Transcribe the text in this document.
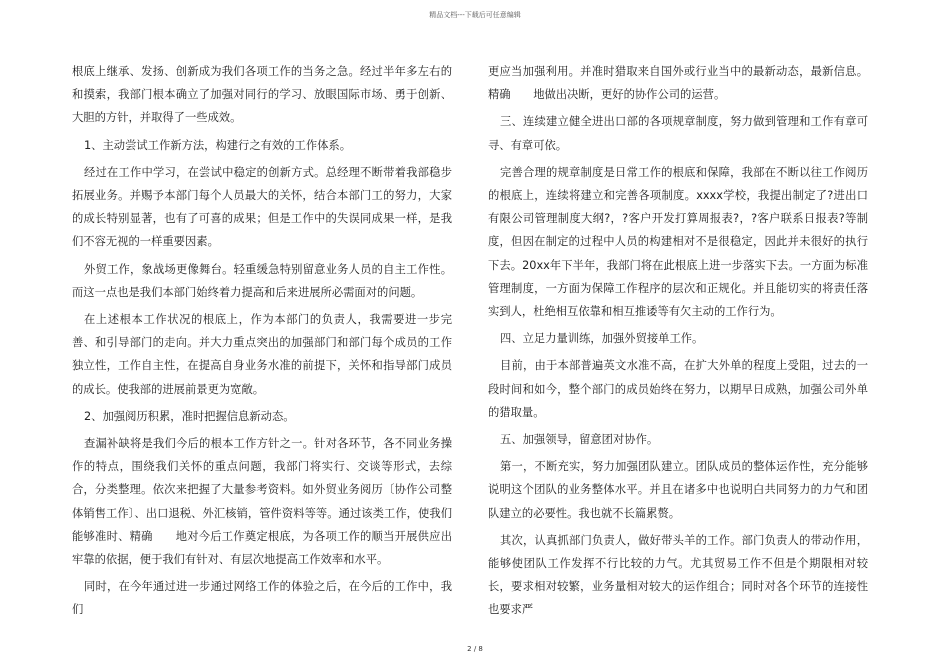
精品文档---下载后可任意编辑

根底上继承、发扬、创新成为我们各项工作的当务之急。经过半年多左右的和摸索，我部门根本确立了加强对同行的学习、放眼国际市场、勇于创新、大胆的方针，并取得了一些成效。

1、主动尝试工作新方法，构建行之有效的工作体系。

经过在工作中学习，在尝试中稳定的创新方式。总经理不断带着我部稳步拓展业务。并赐予本部门每个人员最大的关怀，结合本部门工的努力，大家的成长特别显著，也有了可喜的成果；但是工作中的失误同成果一样，是我们不容无视的一样重要因素。

外贸工作，象战场更像舞台。轻重缓急特别留意业务人员的自主工作性。而这一点也是我们本部门始终着力提高和后来进展所必需面对的问题。

在上述根本工作状况的根底上，作为本部门的负责人，我需要进一步完善、和引导部门的走向。并大力重点突出的加强部门和部门每个成员的工作独立性，工作自主性，在提高自身业务水准的前提下，关怀和指导部门成员的成长。使我部的进展前景更为宽敞。

2、加强阅历积累，准时把握信息新动态。

查漏补缺将是我们今后的根本工作方针之一。针对各环节，各不同业务操作的特点，围绕我们关怀的重点问题，我部门将实行、交谈等形式，去综合，分类整理。依次来把握了大量参考资料。如外贸业务阅历〔协作公司整体销售工作〕、出口退税、外汇核销，管件资料等等。通过该类工作，使我们能够准时、精确　　地对今后工作奠定根底，为各项工作的顺当开展供应出牢靠的依据，便于我们有针对、有层次地提高工作效率和水平。

同时，在今年通过进一步通过网络工作的体验之后，在今后的工作中，我们

更应当加强利用。并准时猎取来自国外或行业当中的最新动态，最新信息。精确　　地做出决断，更好的协作公司的运营。

三、连续建立健全进出口部的各项规章制度，努力做到管理和工作有章可寻、有章可依。

完善合理的规章制度是日常工作的根底和保障，我部在不断以往工作阅历的根底上，连续将建立和完善各项制度。xxxx学校，我提出制定了?进出口有限公司管理制度大纲?，?客户开发打算周报表?，?客户联系日报表?等制度，但因在制定的过程中人员的构建相对不是很稳定，因此并未很好的执行下去。20xx年下半年，我部门将在此根底上进一步落实下去。一方面为标准管理制度，一方面为保障工作程序的层次和正规化。并且能切实的将责任落实到人，杜绝相互依靠和相互推诿等有欠主动的工作行为。

四、立足力量训练，加强外贸接单工作。

目前，由于本部普遍英文水准不高，在扩大外单的程度上受阻，过去的一段时间和如今，整个部门的成员始终在努力，以期早日成熟，加强公司外单的猎取量。

五、加强领导，留意团对协作。

第一，不断充实，努力加强团队建立。团队成员的整体运作性，充分能够说明这个团队的业务整体水平。并且在诸多中也说明白共同努力的力气和团队建立的必要性。我也就不长篇累赘。

其次，认真抓部门负责人，做好带头羊的工作。部门负责人的带动作用，能够使团队工作发挥不行比较的力气。尤其贸易工作不但是个期限相对较长，要求相对较繁，业务量相对较大的运作组合；同时对各个环节的连接性也要求严

2 / 8
